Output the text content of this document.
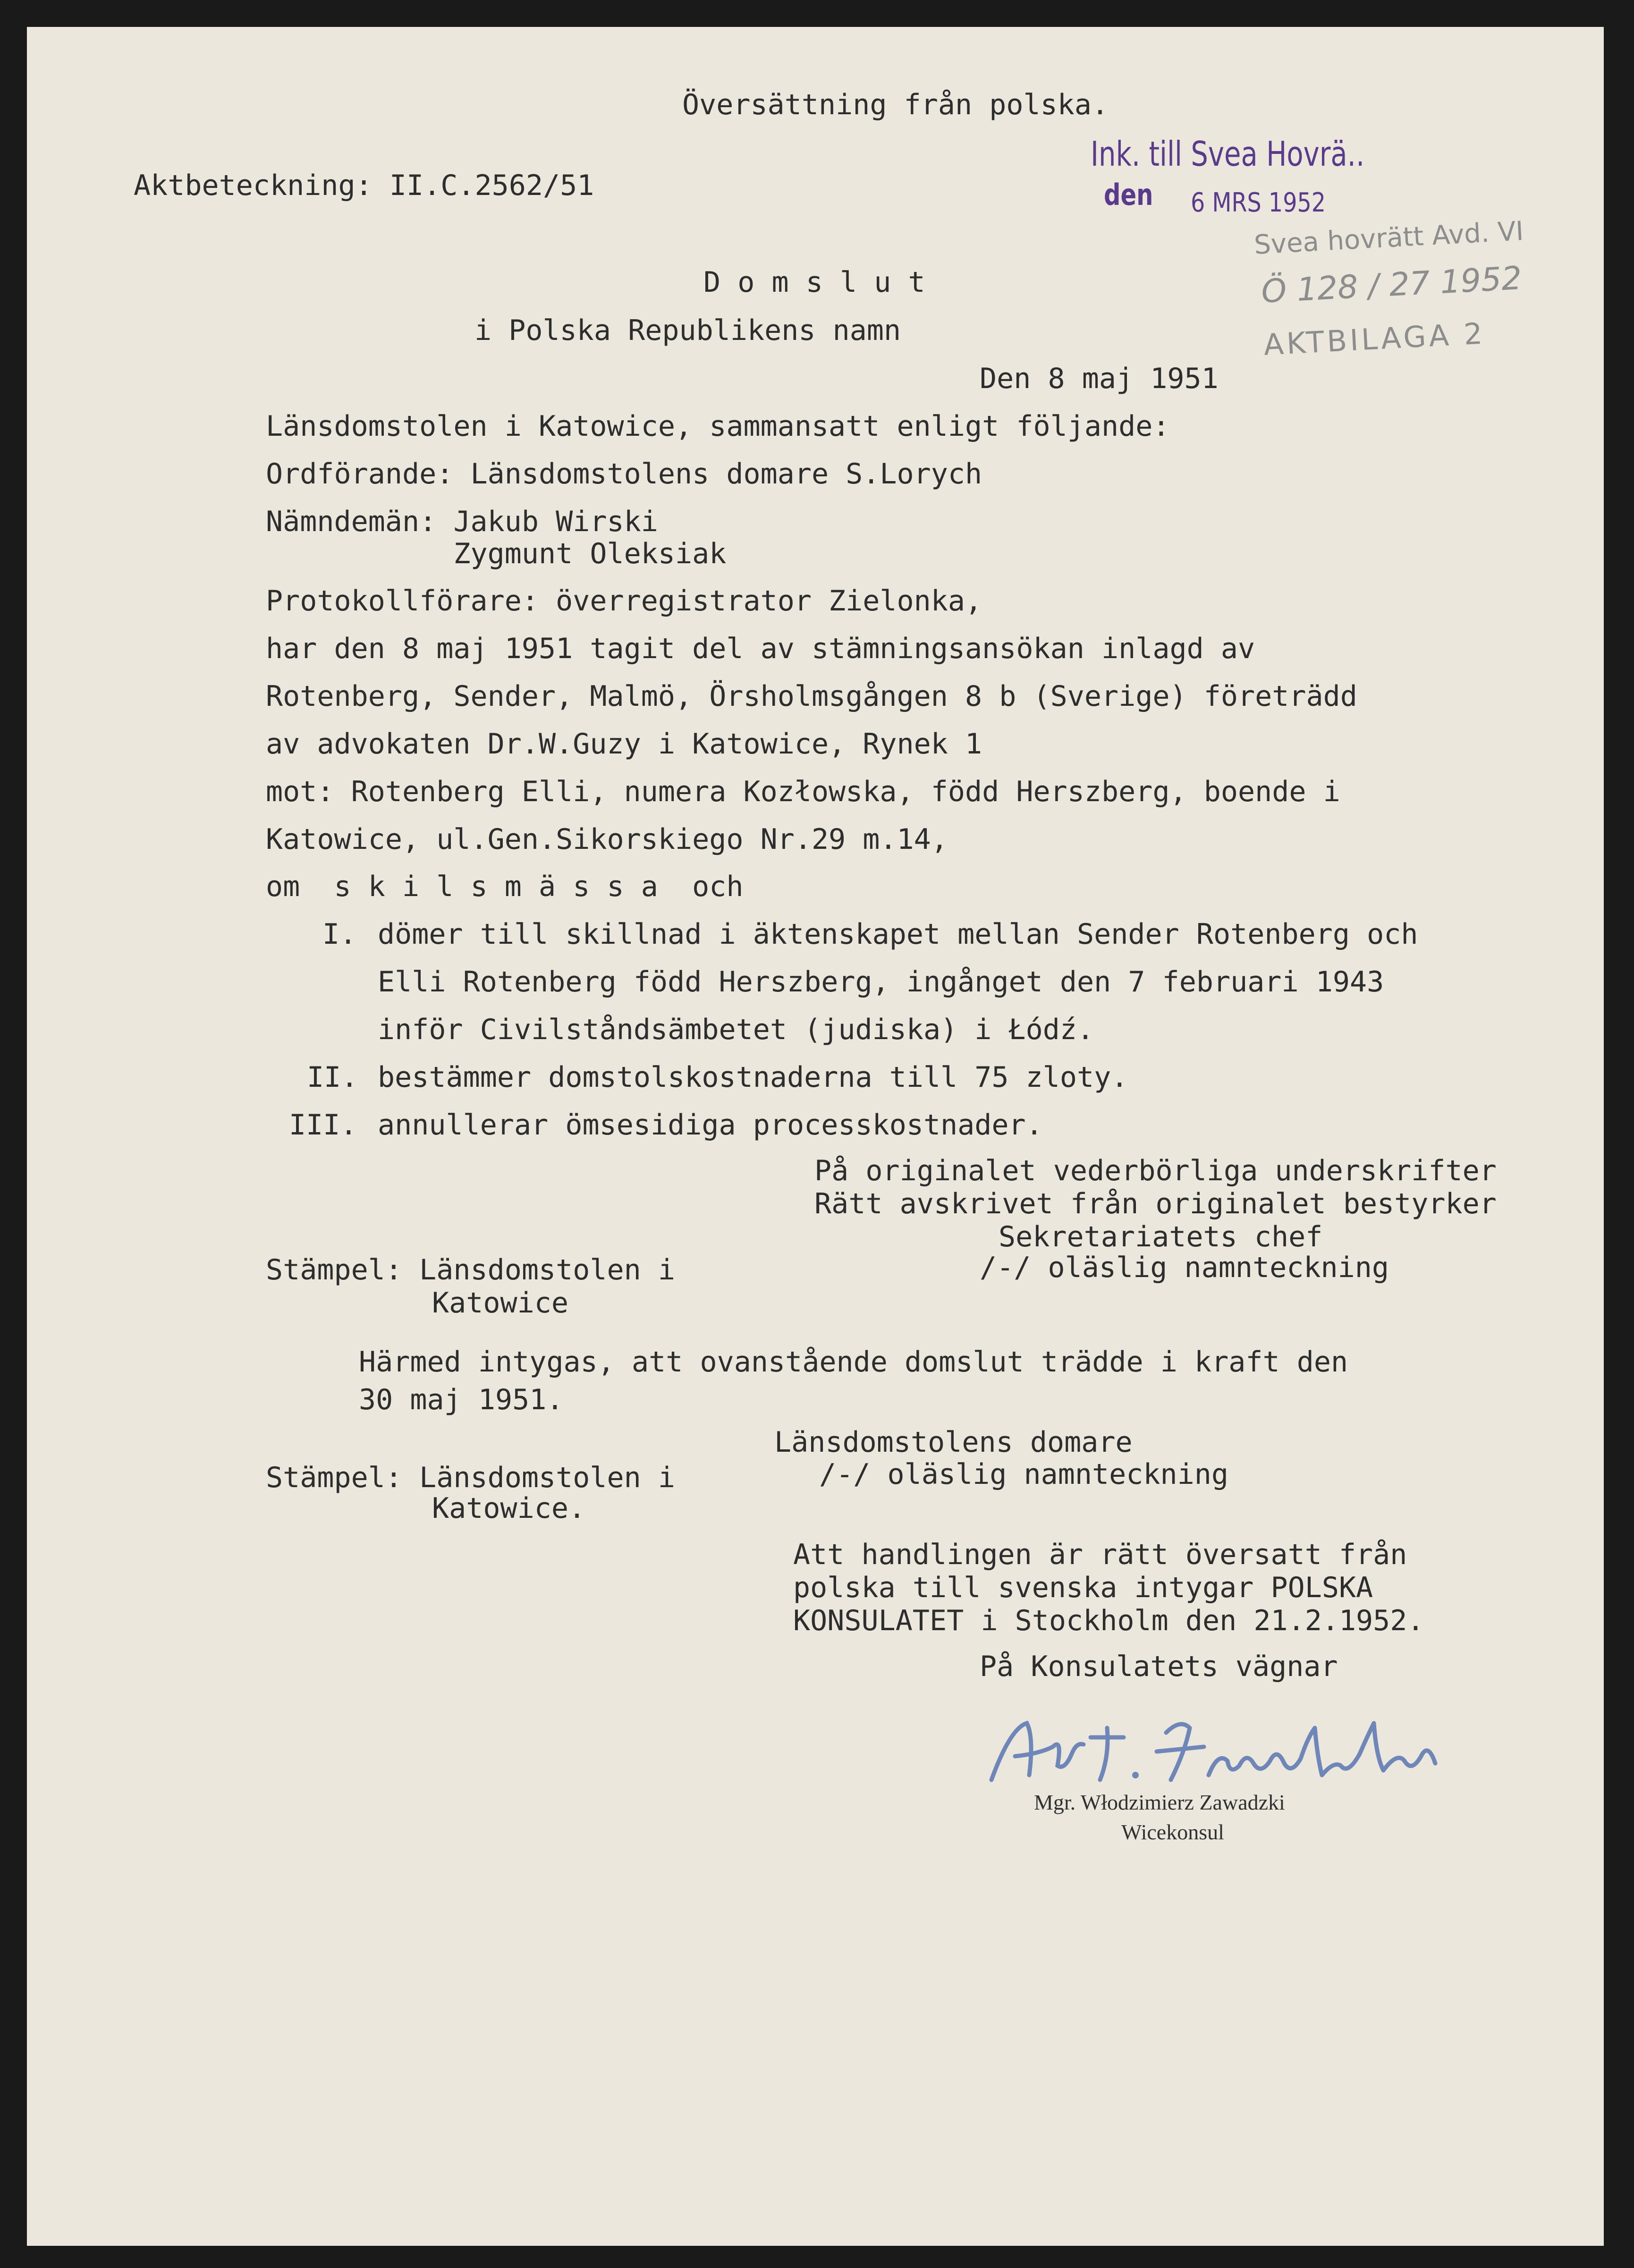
Översättning från polska.
Aktbeteckning: II.C.2562/51
Ink. till Svea Hovrä..
den 6 MRS 1952
Svea hovrätt Avd. VI
Ö 128 / 27 1952
AKTBILAGA 2
D o m s l u t
i Polska Republikens namn
Den 8 maj 1951
Länsdomstolen i Katowice, sammansatt enligt följande:
Ordförande: Länsdomstolens domare S.Lorych
Nämndemän: Jakub Wirski
Zygmunt Oleksiak
Protokollförare: överregistrator Zielonka,
har den 8 maj 1951 tagit del av stämningsansökan inlagd av
Rotenberg, Sender, Malmö, Örsholmsgången 8 b (Sverige) företrädd
av advokaten Dr.W.Guzy i Katowice, Rynek 1
mot: Rotenberg Elli, numera Kozłowska, född Herszberg, boende i
Katowice, ul.Gen.Sikorskiego Nr.29 m.14,
om  s k i l s m ä s s a  och
I. dömer till skillnad i äktenskapet mellan Sender Rotenberg och
Elli Rotenberg född Herszberg, ingånget den 7 februari 1943
inför Civilståndsämbetet (judiska) i Łódź.
II. bestämmer domstolskostnaderna till 75 zloty.
III. annullerar ömsesidiga processkostnader.
På originalet vederbörliga underskrifter
Rätt avskrivet från originalet bestyrker
Sekretariatets chef
/-/ oläslig namnteckning
Stämpel: Länsdomstolen i
Katowice
Härmed intygas, att ovanstående domslut trädde i kraft den
30 maj 1951.
Länsdomstolens domare
/-/ oläslig namnteckning
Stämpel: Länsdomstolen i
Katowice.
Att handlingen är rätt översatt från
polska till svenska intygar POLSKA
KONSULATET i Stockholm den 21.2.1952.
På Konsulatets vägnar
Mgr. Włodzimierz Zawadzki
Wicekonsul
